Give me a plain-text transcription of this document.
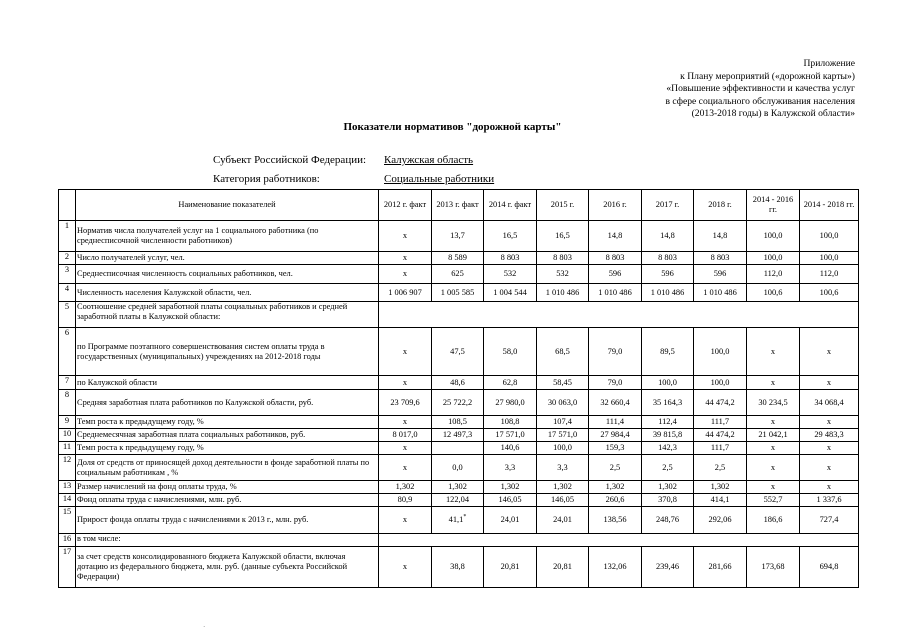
Приложение
к Плану мероприятий («дорожной карты»)
«Повышение эффективности и качества услуг
в сфере социального обслуживания населения
(2013-2018 годы) в Калужской области»
Показатели нормативов "дорожной карты"
Субъект Российской Федерации: Калужская область
Категория работников:	Социальные работники
	Наименование показателей	2012 г. факт	2013 г. факт	2014 г. факт	2015 г.	2016 г.	2017 г.	2018 г.	2014 - 2016 гг.	2014 - 2018 гг.
1	Норматив числа получателей услуг на 1 социального работника (по среднесписочной численности работников)	х	13,7	16,5	16,5	14,8	14,8	14,8	100,0	100,0
2	Число получателей услуг, чел.	х	8 589	8 803	8 803	8 803	8 803	8 803	100,0	100,0
3	Среднесписочная численность социальных работников, чел.	х	625	532	532	596	596	596	112,0	112,0
4	Численность населения Калужской области, чел.	1 006 907	1 005 585	1 004 544	1 010 486	1 010 486	1 010 486	1 010 486	100,6	100,6
5	Соотношение средней заработной платы социальных работников и средней заработной платы в Калужской области:									
6	по Программе поэтапного совершенствования систем оплаты труда в государственных (муниципальных) учреждениях на 2012-2018 годы	х	47,5	58,0	68,5	79,0	89,5	100,0	х	х
7	по Калужской области	х	48,6	62,8	58,45	79,0	100,0	100,0	х	х
8	Средняя заработная плата работников по Калужской области, руб.	23 709,6	25 722,2	27 980,0	30 063,0	32 660,4	35 164,3	44 474,2	30 234,5	34 068,4
9	Темп роста к предыдущему году, %	х	108,5	108,8	107,4	111,4	112,4	111,7	х	х
10	Среднемесячная заработная плата социальных работников, руб.	8 017,0	12 497,3	17 571,0	17 571,0	27 984,4	39 815,8	44 474,2	21 042,1	29 483,3
11	Темп роста к предыдущему году, %	х		140,6	100,0	159,3	142,3	111,7	х	х
12	Доля от средств от приносящей доход деятельности в фонде заработной платы по социальным работникам , %	х	0,0	3,3	3,3	2,5	2,5	2,5	х	х
13	Размер начислений на фонд оплаты труда, %	1,302	1,302	1,302	1,302	1,302	1,302	1,302	х	х
14	Фонд оплаты труда с начислениями, млн. руб.	80,9	122,04	146,05	146,05	260,6	370,8	414,1	552,7	1 337,6
15	Прирост фонда оплаты труда с начислениями к 2013 г., млн. руб.	х	41,1*	24,01	24,01	138,56	248,76	292,06	186,6	727,4
16	в том числе:									
17	за счет средств консолидированного бюджета Калужской области, включая дотацию из федерального бюджета, млн. руб. (данные субъекта Российской Федерации)	х	38,8	20,81	20,81	132,06	239,46	281,66	173,68	694,8
·
